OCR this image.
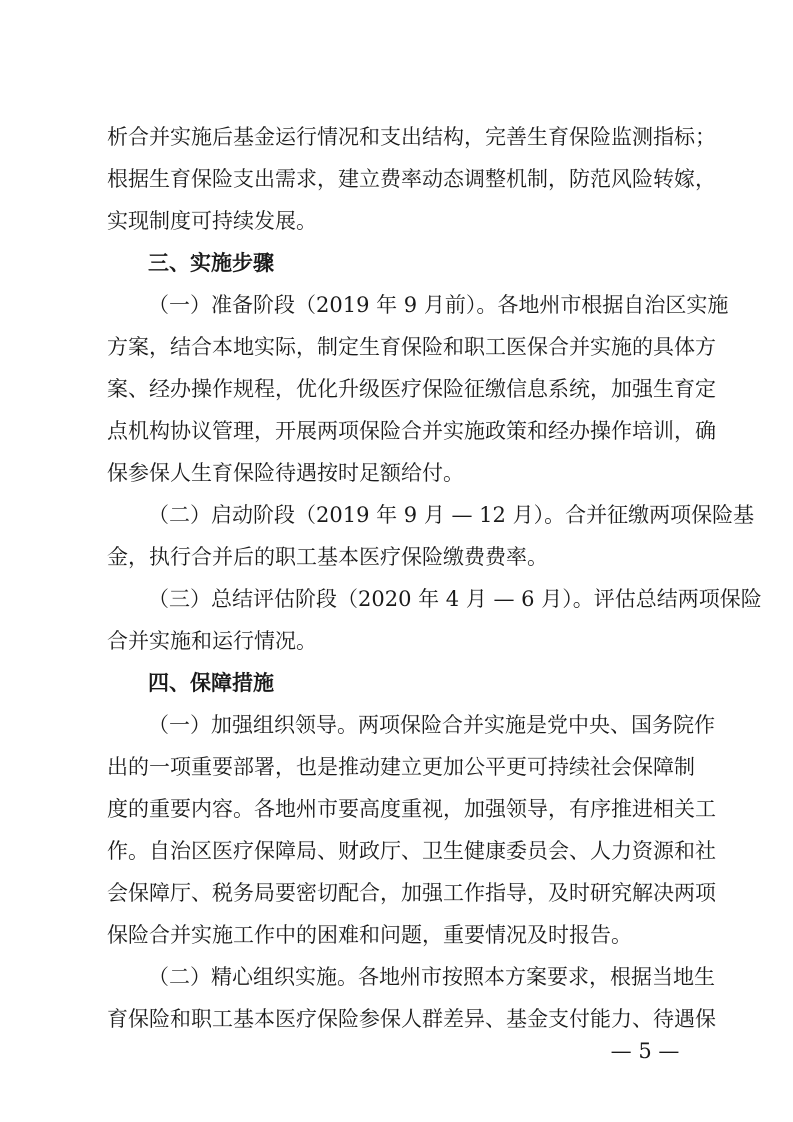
析合并实施后基金运行情况和支出结构，完善生育保险监测指标；
根据生育保险支出需求，建立费率动态调整机制，防范风险转嫁，
实现制度可持续发展。
三、实施步骤
（一）准备阶段（2019 年 9 月前）。各地州市根据自治区实施
方案，结合本地实际，制定生育保险和职工医保合并实施的具体方
案、经办操作规程，优化升级医疗保险征缴信息系统，加强生育定
点机构协议管理，开展两项保险合并实施政策和经办操作培训，确
保参保人生育保险待遇按时足额给付。
（二）启动阶段（2019 年 9 月 — 12 月）。合并征缴两项保险基
金，执行合并后的职工基本医疗保险缴费费率。
（三）总结评估阶段（2020 年 4 月 — 6 月）。评估总结两项保险
合并实施和运行情况。
四、保障措施
（一）加强组织领导。两项保险合并实施是党中央、国务院作
出的一项重要部署，也是推动建立更加公平更可持续社会保障制
度的重要内容。各地州市要高度重视，加强领导，有序推进相关工
作。自治区医疗保障局、财政厅、卫生健康委员会、人力资源和社
会保障厅、税务局要密切配合，加强工作指导，及时研究解决两项
保险合并实施工作中的困难和问题，重要情况及时报告。
（二）精心组织实施。各地州市按照本方案要求，根据当地生
育保险和职工基本医疗保险参保人群差异、基金支付能力、待遇保
— 5 —
